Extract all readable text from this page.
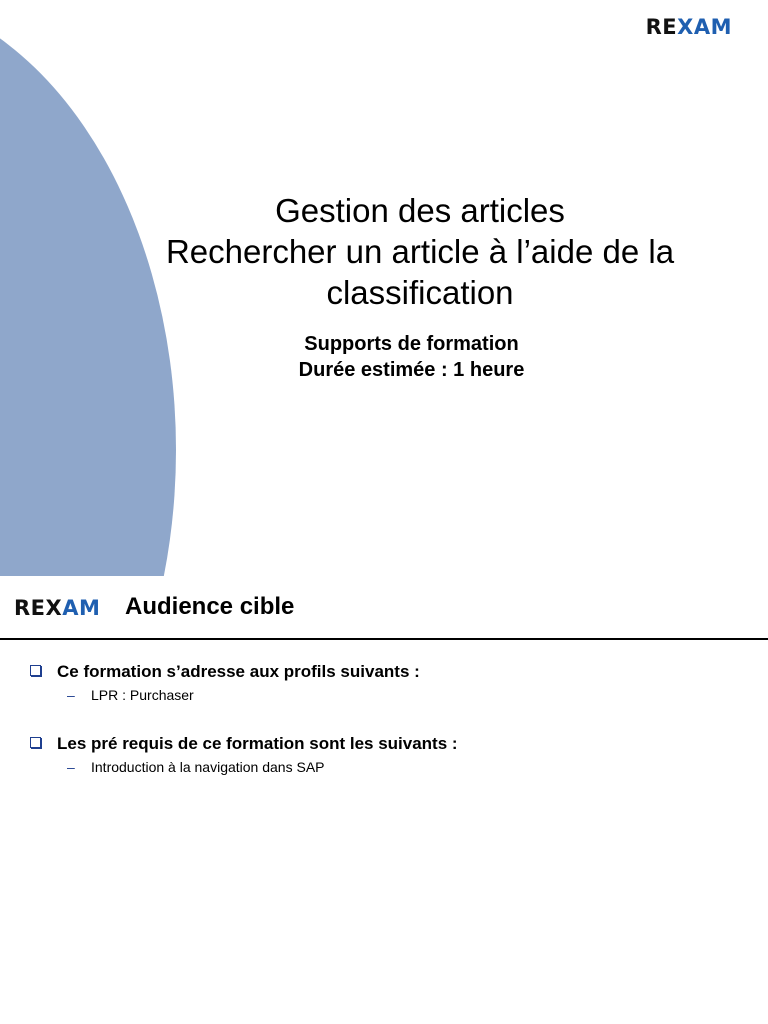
REXAM
Gestion des articles
Rechercher un article à l’aide de la
classification
Supports de formation
Durée estimée : 1 heure
REXAM Audience cible
Ce formation s’adresse aux profils suivants :
–	LPR : Purchaser
Les pré requis de ce formation sont les suivants :
–	Introduction à la navigation dans SAP
